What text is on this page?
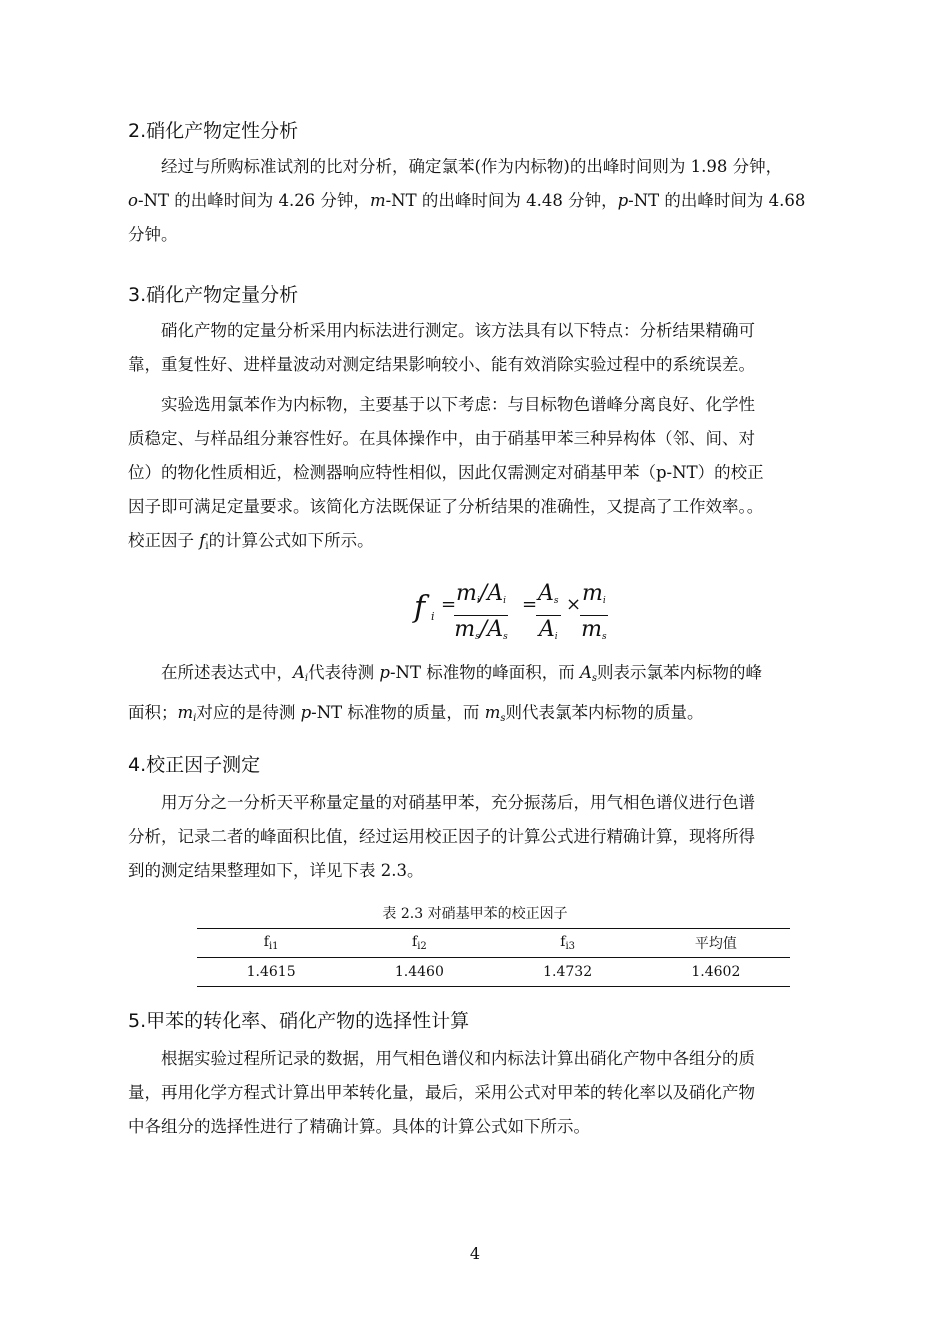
2.硝化产物定性分析
经过与所购标准试剂的比对分析，确定氯苯(作为内标物)的出峰时间则为 1.98 分钟，
o-NT 的出峰时间为 4.26 分钟，m-NT 的出峰时间为 4.48 分钟，p-NT 的出峰时间为 4.68
分钟。
3.硝化产物定量分析
硝化产物的定量分析采用内标法进行测定。该方法具有以下特点：分析结果精确可
靠，重复性好、进样量波动对测定结果影响较小、能有效消除实验过程中的系统误差。
实验选用氯苯作为内标物，主要基于以下考虑：与目标物色谱峰分离良好、化学性
质稳定、与样品组分兼容性好。在具体操作中，由于硝基甲苯三种异构体（邻、间、对
位）的物化性质相近，检测器响应特性相似，因此仅需测定对硝基甲苯（p-NT）的校正
因子即可满足定量要求。该简化方法既保证了分析结果的准确性，又提高了工作效率。。
校正因子 $f_i$的计算公式如下所示。
f i
=
$\frac{m_i/A_i}{m_s/A_s}$ =
$\frac{A_s}{A_i}$ ×
$\frac{m_i}{m_s}$
在所述表达式中，$A_i$代表待测 p-NT 标准物的峰面积，而 $A_s$则表示氯苯内标物的峰
面积；$m_i$对应的是待测 p-NT 标准物的质量，而 $m_s$则代表氯苯内标物的质量。
4.校正因子测定
用万分之一分析天平称量定量的对硝基甲苯，充分振荡后，用气相色谱仪进行色谱
分析，记录二者的峰面积比值，经过运用校正因子的计算公式进行精确计算，现将所得
到的测定结果整理如下，详见下表 2.3。
表 2.3 对硝基甲苯的校正因子
$f_{i1}$	$f_{i2}$	$f_{i3}$	平均值
1.4615	1.4460	1.4732	1.4602
5.甲苯的转化率、硝化产物的选择性计算
根据实验过程所记录的数据，用气相色谱仪和内标法计算出硝化产物中各组分的质
量，再用化学方程式计算出甲苯转化量，最后，采用公式对甲苯的转化率以及硝化产物
中各组分的选择性进行了精确计算。具体的计算公式如下所示。
4
